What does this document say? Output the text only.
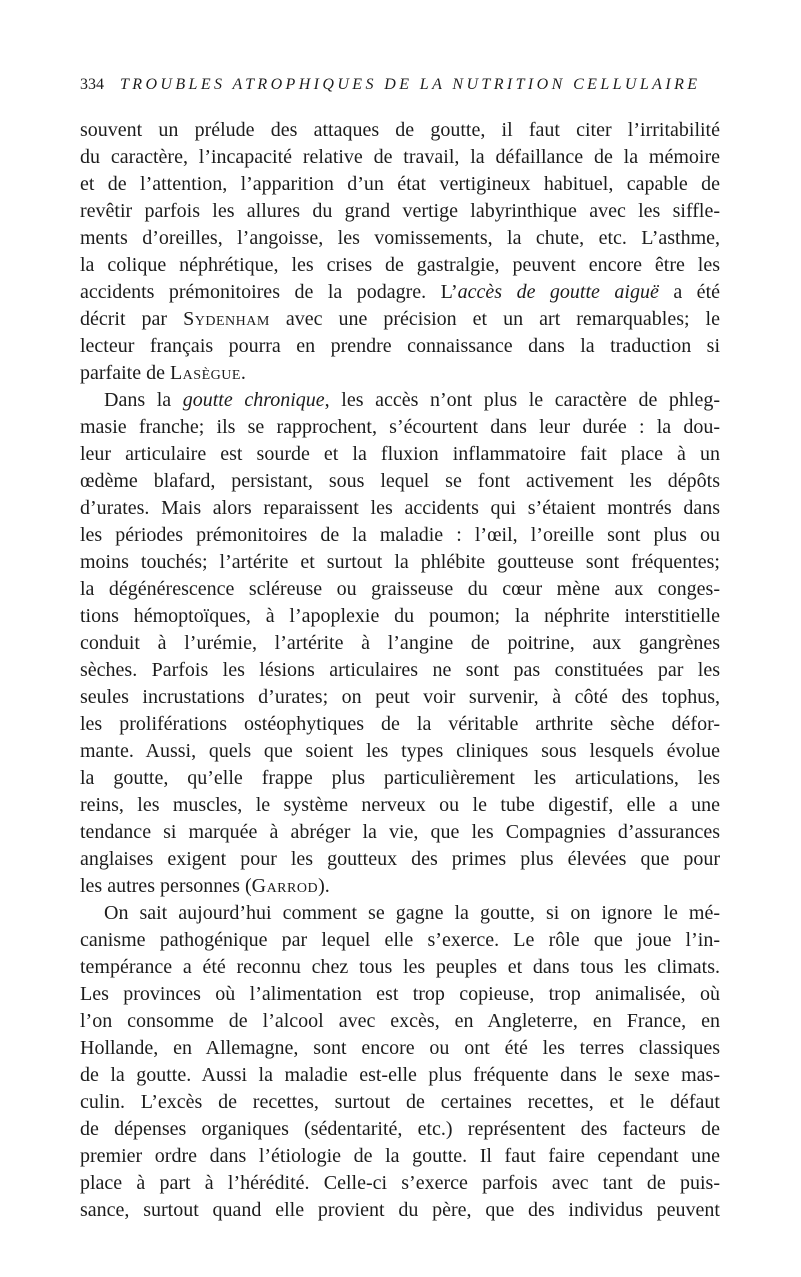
334 TROUBLES ATROPHIQUES DE LA NUTRITION CELLULAIRE
souvent un prélude des attaques de goutte, il faut citer l’irritabilité
du caractère, l’incapacité relative de travail, la défaillance de la mémoire
et de l’attention, l’apparition d’un état vertigineux habituel, capable de
revêtir parfois les allures du grand vertige labyrinthique avec les siffle-
ments d’oreilles, l’angoisse, les vomissements, la chute, etc. L’asthme,
la colique néphrétique, les crises de gastralgie, peuvent encore être les
accidents prémonitoires de la podagre. L’accès de goutte aiguë a été
décrit par Sydenham avec une précision et un art remarquables; le
lecteur français pourra en prendre connaissance dans la traduction si
parfaite de Lasègue.
Dans la goutte chronique, les accès n’ont plus le caractère de phleg-
masie franche; ils se rapprochent, s’écourtent dans leur durée : la dou-
leur articulaire est sourde et la fluxion inflammatoire fait place à un
œdème blafard, persistant, sous lequel se font activement les dépôts
d’urates. Mais alors reparaissent les accidents qui s’étaient montrés dans
les périodes prémonitoires de la maladie : l’œil, l’oreille sont plus ou
moins touchés; l’artérite et surtout la phlébite goutteuse sont fréquentes;
la dégénérescence scléreuse ou graisseuse du cœur mène aux conges-
tions hémoptoïques, à l’apoplexie du poumon; la néphrite interstitielle
conduit à l’urémie, l’artérite à l’angine de poitrine, aux gangrènes
sèches. Parfois les lésions articulaires ne sont pas constituées par les
seules incrustations d’urates; on peut voir survenir, à côté des tophus,
les proliférations ostéophytiques de la véritable arthrite sèche défor-
mante. Aussi, quels que soient les types cliniques sous lesquels évolue
la goutte, qu’elle frappe plus particulièrement les articulations, les
reins, les muscles, le système nerveux ou le tube digestif, elle a une
tendance si marquée à abréger la vie, que les Compagnies d’assurances
anglaises exigent pour les goutteux des primes plus élevées que pour
les autres personnes (Garrod).
On sait aujourd’hui comment se gagne la goutte, si on ignore le mé-
canisme pathogénique par lequel elle s’exerce. Le rôle que joue l’in-
tempérance a été reconnu chez tous les peuples et dans tous les climats.
Les provinces où l’alimentation est trop copieuse, trop animalisée, où
l’on consomme de l’alcool avec excès, en Angleterre, en France, en
Hollande, en Allemagne, sont encore ou ont été les terres classiques
de la goutte. Aussi la maladie est-elle plus fréquente dans le sexe mas-
culin. L’excès de recettes, surtout de certaines recettes, et le défaut
de dépenses organiques (sédentarité, etc.) représentent des facteurs de
premier ordre dans l’étiologie de la goutte. Il faut faire cependant une
place à part à l’hérédité. Celle-ci s’exerce parfois avec tant de puis-
sance, surtout quand elle provient du père, que des individus peuvent
